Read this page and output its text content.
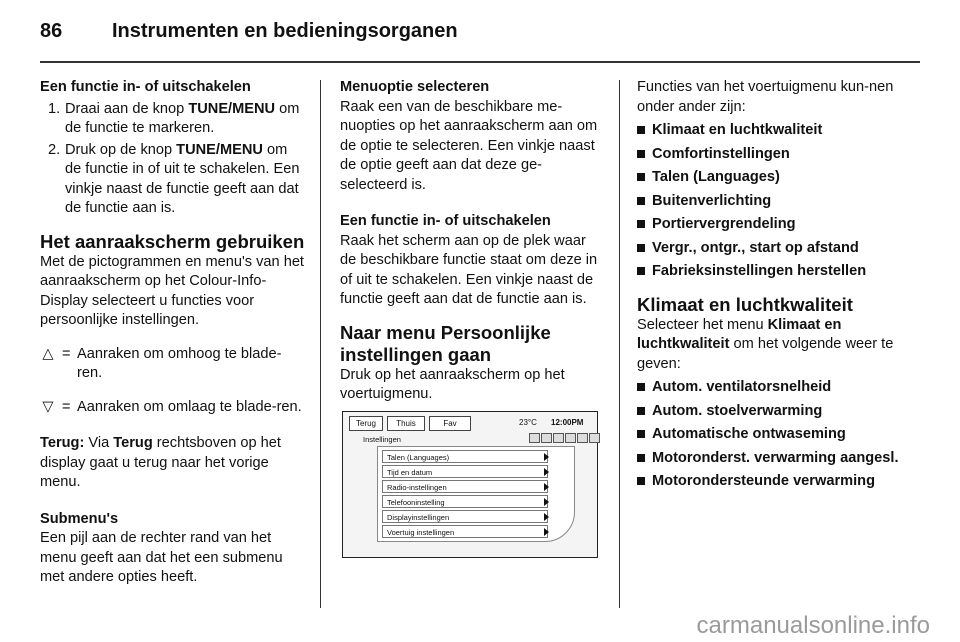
86 Instrumenten en bedieningsorganen

Een functie in- of uitschakelen

1. Draai aan de knop TUNE/MENU om de functie te markeren.
2. Druk op de knop TUNE/MENU om de functie in of uit te schakelen. Een vinkje naast de functie geeft aan dat de functie aan is.
Het aanraakscherm gebruiken

Met de pictogrammen en menu's van het aanraakscherm op het Colour-Info-Display selecteert u functies voor persoonlijke instellingen.

△ = Aanraken om omhoog te blade-ren.
▽ = Aanraken om omlaag te blade-ren.

Terug: Via Terug rechtsboven op het display gaat u terug naar het vorige menu.

Submenu's

Een pijl aan de rechter rand van het menu geeft aan dat het een submenu met andere opties heeft.

Menuoptie selecteren

Raak een van de beschikbare me-nuopties op het aanraakscherm aan om de optie te selecteren. Een vinkje naast de optie geeft aan dat deze ge-selecteerd is.

Een functie in- of uitschakelen

Raak het scherm aan op de plek waar de beschikbare functie staat om deze in of uit te schakelen. Een vinkje naast de functie geeft aan dat de functie aan is.

Naar menu Persoonlijke instellingen gaan

Druk op het aanraakscherm op het voertuigmenu.

Terug	Thuis	Fav	23°C 12:00PM
Instellingen
Talen (Languages)
Tijd en datum
Radio-instellingen
Telefooninstelling
Displayinstellingen
Voertuig instellingen

Functies van het voertuigmenu kun-nen onder ander zijn:

Klimaat en luchtkwaliteit
Comfortinstellingen
Talen (Languages)
Buitenverlichting
Portiervergrendeling
Vergr., ontgr., start op afstand
Fabrieksinstellingen herstellen
Klimaat en luchtkwaliteit

Selecteer het menu Klimaat en luchtkwaliteit om het volgende weer te geven:

Autom. ventilatorsnelheid
Autom. stoelverwarming
Automatische ontwaseming
Motoronderst. verwarming aangesl.
Motorondersteunde verwarming
carmanualsonline.info
